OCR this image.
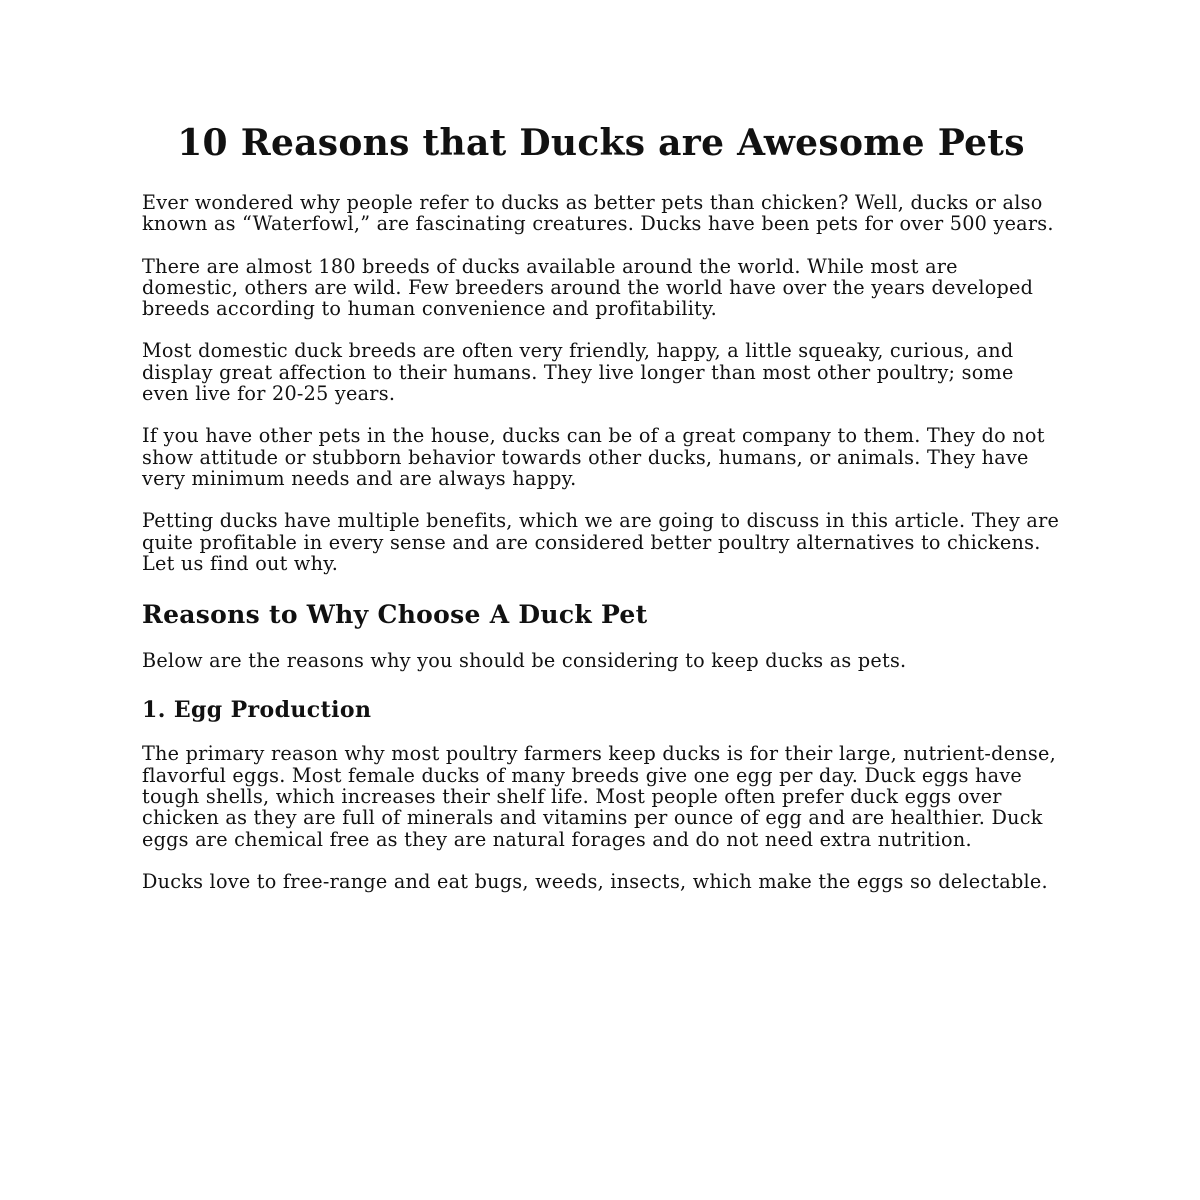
10 Reasons that Ducks are Awesome Pets

Ever wondered why people refer to ducks as better pets than chicken? Well, ducks or also known as “Waterfowl,” are fascinating creatures. Ducks have been pets for over 500 years.

There are almost 180 breeds of ducks available around the world. While most are domestic, others are wild. Few breeders around the world have over the years developed breeds according to human convenience and profitability.

Most domestic duck breeds are often very friendly, happy, a little squeaky, curious, and display great affection to their humans. They live longer than most other poultry; some even live for 20-25 years.

If you have other pets in the house, ducks can be of a great company to them. They do not show attitude or stubborn behavior towards other ducks, humans, or animals. They have very minimum needs and are always happy.

Petting ducks have multiple benefits, which we are going to discuss in this article. They are quite profitable in every sense and are considered better poultry alternatives to chickens. Let us find out why.

Reasons to Why Choose A Duck Pet

Below are the reasons why you should be considering to keep ducks as pets.

1. Egg Production

The primary reason why most poultry farmers keep ducks is for their large, nutrient-dense, flavorful eggs. Most female ducks of many breeds give one egg per day. Duck eggs have tough shells, which increases their shelf life. Most people often prefer duck eggs over chicken as they are full of minerals and vitamins per ounce of egg and are healthier. Duck eggs are chemical free as they are natural forages and do not need extra nutrition.

Ducks love to free-range and eat bugs, weeds, insects, which make the eggs so delectable.
